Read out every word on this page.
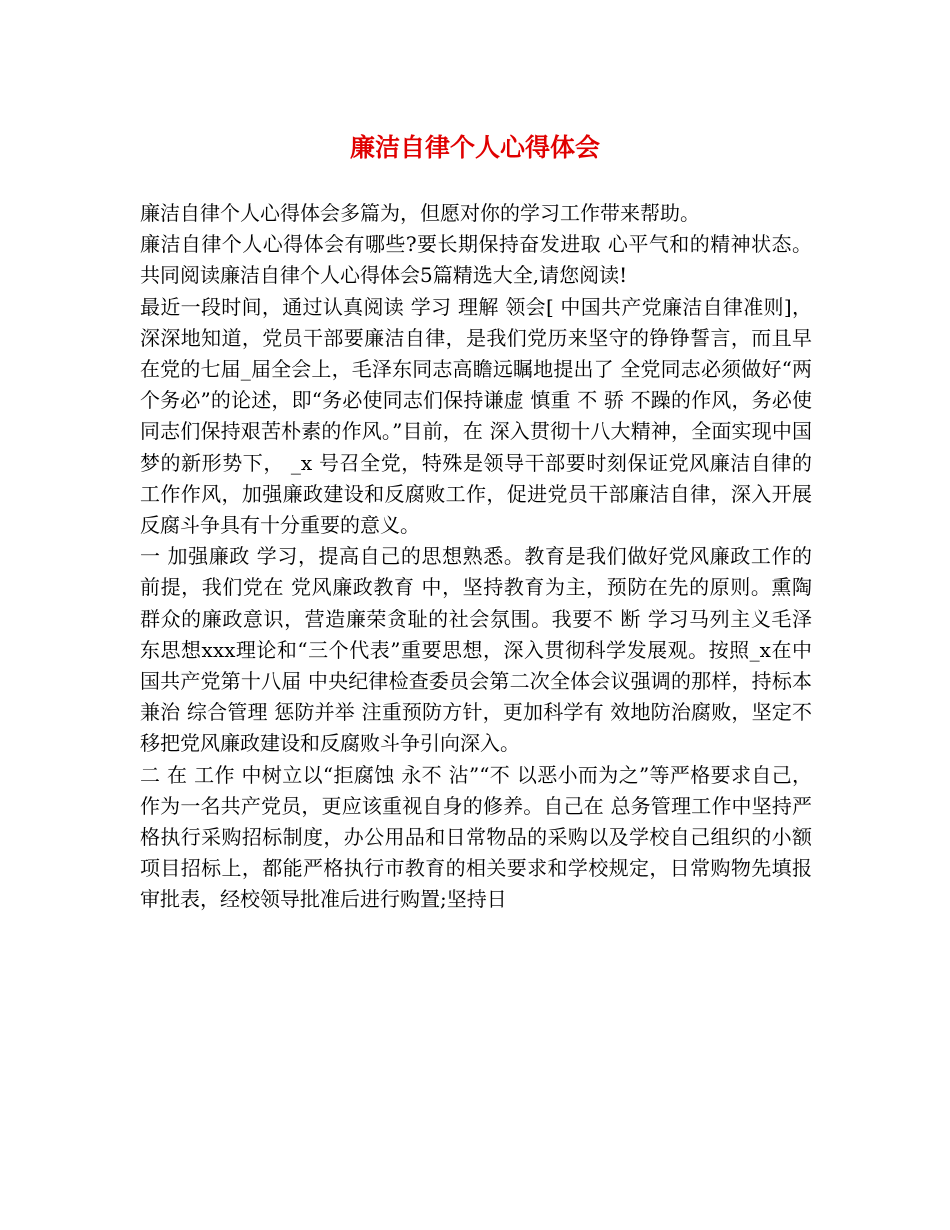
廉洁自律个人心得体会

廉洁自律个人心得体会多篇为，但愿对你的学习工作带来帮助。

廉洁自律个人心得体会有哪些?要长期保持奋发进取 心平气和的精神状态。共同阅读廉洁自律个人心得体会5篇精选大全,请您阅读!

最近一段时间，通过认真阅读 学习 理解 领会[ 中国共产党廉洁自律准则]，深深地知道，党员干部要廉洁自律，是我们党历来坚守的铮铮誓言，而且早在党的七届_届全会上，毛泽东同志高瞻远瞩地提出了 全党同志必须做好“两个务必”的论述，即“务必使同志们保持谦虚 慎重 不 骄 不躁的作风，务必使同志们保持艰苦朴素的作风。”目前，在 深入贯彻十八大精神，全面实现中国梦的新形势下， _x 号召全党，特殊是领导干部要时刻保证党风廉洁自律的工作作风，加强廉政建设和反腐败工作，促进党员干部廉洁自律，深入开展反腐斗争具有十分重要的意义。

一 加强廉政 学习，提高自己的思想熟悉。教育是我们做好党风廉政工作的前提，我们党在 党风廉政教育 中，坚持教育为主，预防在先的原则。熏陶群众的廉政意识，营造廉荣贪耻的社会氛围。我要不 断 学习马列主义毛泽东思想xxx理论和“三个代表”重要思想，深入贯彻科学发展观。按照_x在中国共产党第十八届 中央纪律检查委员会第二次全体会议强调的那样，持标本兼治 综合管理 惩防并举 注重预防方针，更加科学有 效地防治腐败，坚定不移把党风廉政建设和反腐败斗争引向深入。

二 在 工作 中树立以“拒腐蚀 永不 沾”“不 以恶小而为之”等严格要求自己，作为一名共产党员，更应该重视自身的修养。自己在 总务管理工作中坚持严格执行采购招标制度，办公用品和日常物品的采购以及学校自己组织的小额项目招标上，都能严格执行市教育的相关要求和学校规定，日常购物先填报审批表，经校领导批准后进行购置;坚持日
